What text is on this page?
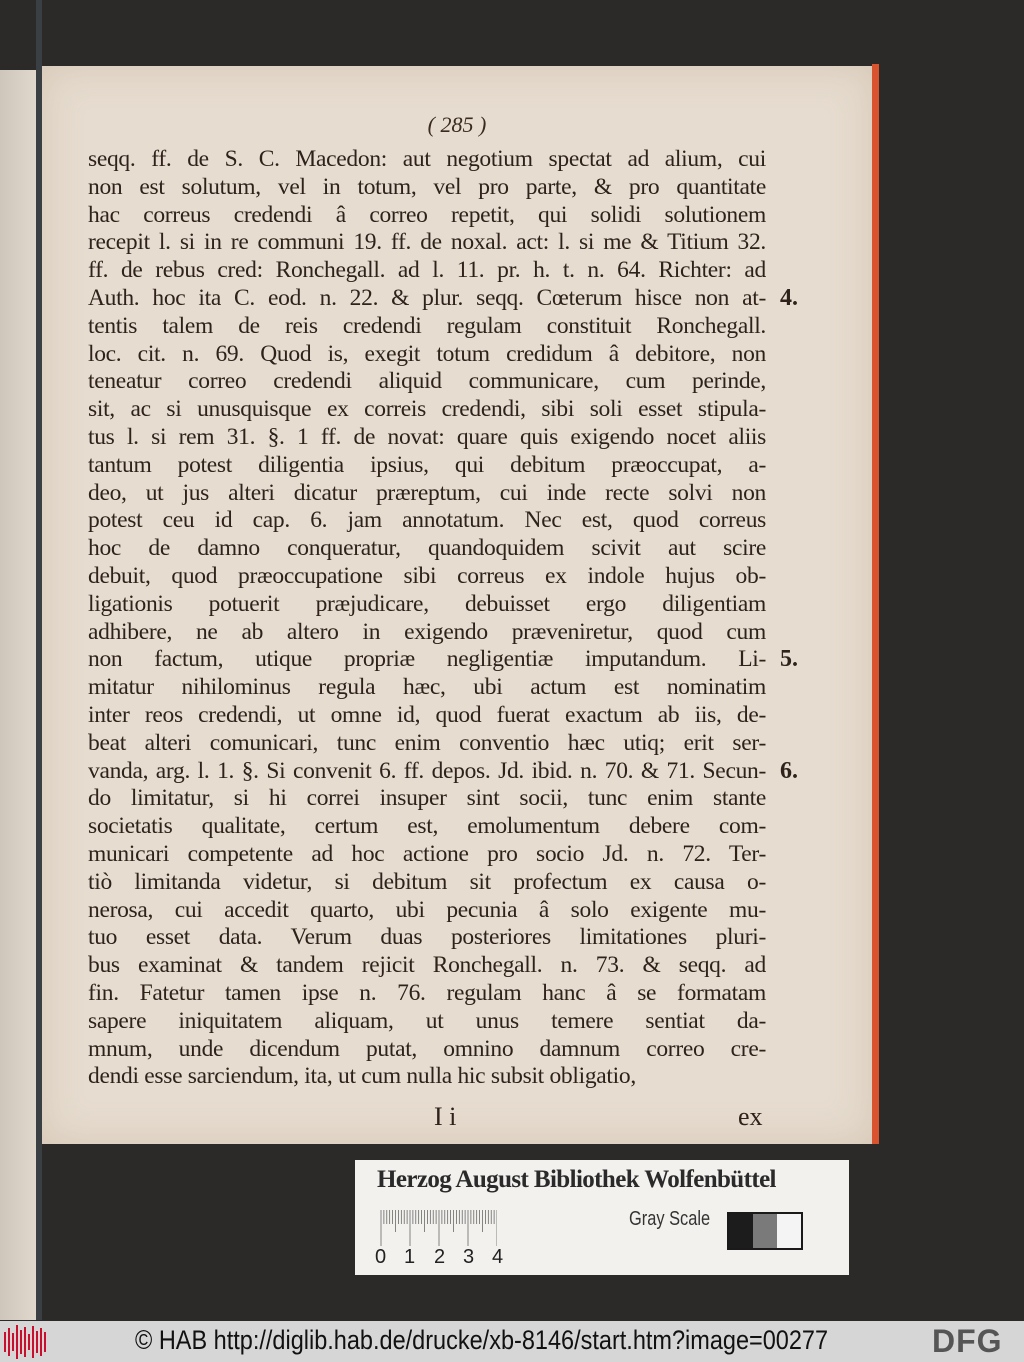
( 285 )
seqq. ff. de S. C. Macedon: aut negotium spectat ad alium, cui
non est solutum, vel in totum, vel pro parte, & pro quantitate
hac correus credendi â correo repetit, qui solidi solutionem
recepit l. si in re communi 19. ff. de noxal. act: l. si me & Titium 32.
ff. de rebus cred: Ronchegall. ad l. 11. pr. h. t. n. 64. Richter: ad
Auth. hoc ita C. eod. n. 22. & plur. seqq. Cœterum hisce non at-
tentis talem de reis credendi regulam constituit Ronchegall.
loc. cit. n. 69. Quod is, exegit totum credidum â debitore, non
teneatur correo credendi aliquid communicare, cum perinde,
sit, ac si unusquisque ex correis credendi, sibi soli esset stipula-
tus l. si rem 31. §. 1 ff. de novat: quare quis exigendo nocet aliis
tantum potest diligentia ipsius, qui debitum præoccupat, a-
deo, ut jus alteri dicatur præreptum, cui inde recte solvi non
potest ceu id cap. 6. jam annotatum. Nec est, quod correus
hoc de damno conqueratur, quandoquidem scivit aut scire
debuit, quod præoccupatione sibi correus ex indole hujus ob-
ligationis potuerit præjudicare, debuisset ergo diligentiam
adhibere, ne ab altero in exigendo præveniretur, quod cum
non factum, utique propriæ negligentiæ imputandum. Li-
mitatur nihilominus regula hæc, ubi actum est nominatim
inter reos credendi, ut omne id, quod fuerat exactum ab iis, de-
beat alteri comunicari, tunc enim conventio hæc utiq; erit ser-
vanda, arg. l. 1. §. Si convenit 6. ff. depos. Jd. ibid. n. 70. & 71. Secun-
do limitatur, si hi correi insuper sint socii, tunc enim stante
societatis qualitate, certum est, emolumentum debere com-
municari competente ad hoc actione pro socio Jd. n. 72. Ter-
tiò limitanda videtur, si debitum sit profectum ex causa o-
nerosa, cui accedit quarto, ubi pecunia â solo exigente mu-
tuo esset data. Verum duas posteriores limitationes pluri-
bus examinat & tandem rejicit Ronchegall. n. 73. & seqq. ad
fin. Fatetur tamen ipse n. 76. regulam hanc â se formatam
sapere iniquitatem aliquam, ut unus temere sentiat da-
mnum, unde dicendum putat, omnino damnum correo cre-
dendi esse sarciendum, ita, ut cum nulla hic subsit obligatio,
4.
5.
6.
I i	ex
Herzog August Bibliothek Wolfenbüttel
0 1 2 3 4
Gray Scale
© HAB http://diglib.hab.de/drucke/xb-8146/start.htm?image=00277	DFG
